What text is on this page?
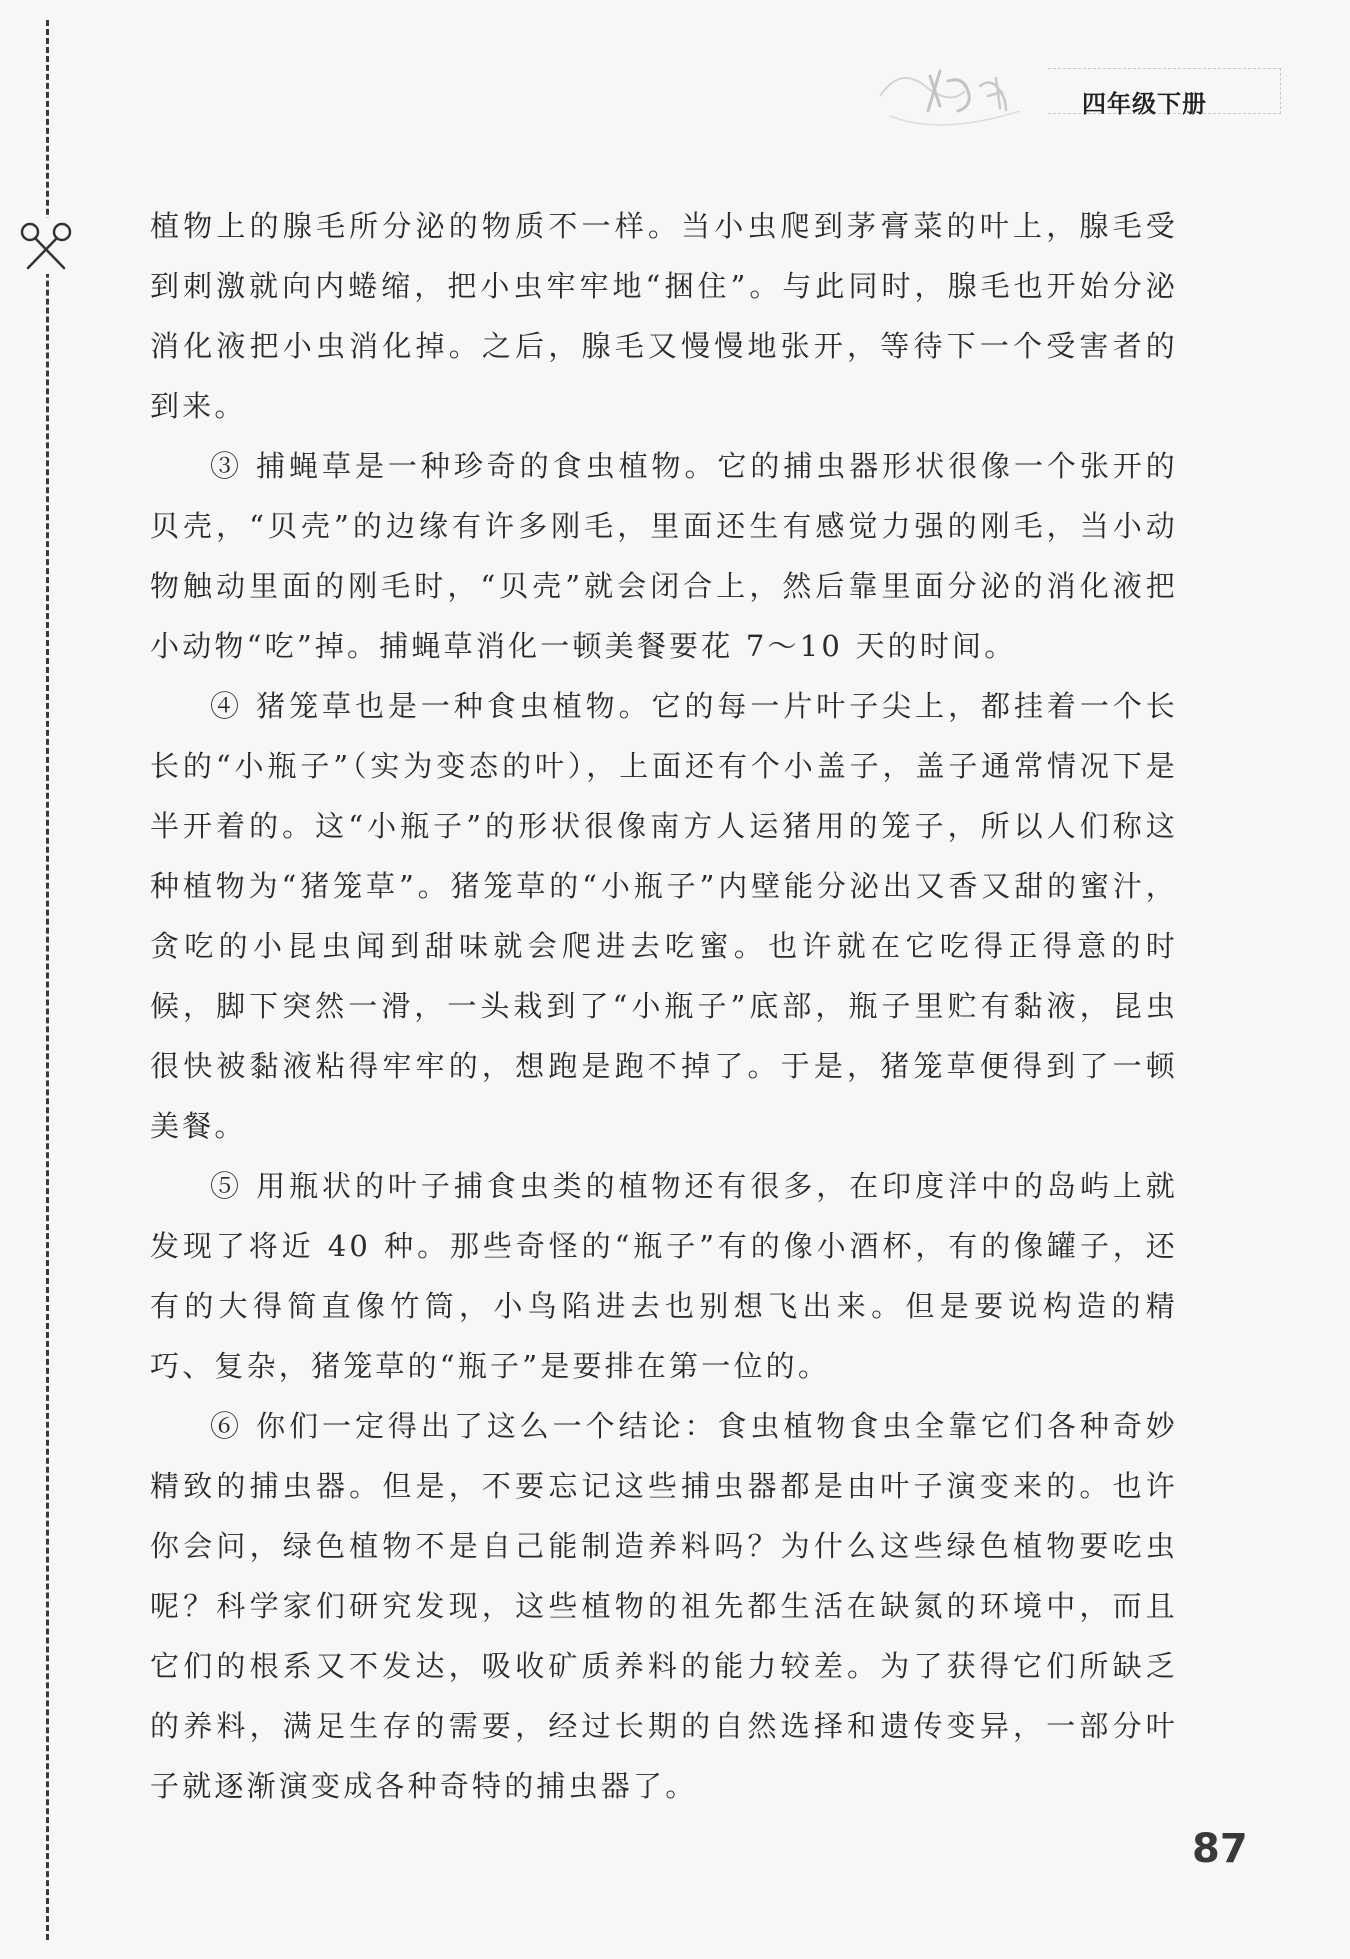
四年级下册

植物上的腺毛所分泌的物质不一样。当小虫爬到茅膏菜的叶上，腺毛受到刺激就向内蜷缩，把小虫牢牢地“捆住”。与此同时，腺毛也开始分泌消化液把小虫消化掉。之后，腺毛又慢慢地张开，等待下一个受害者的到来。

③ 捕蝇草是一种珍奇的食虫植物。它的捕虫器形状很像一个张开的贝壳，“贝壳”的边缘有许多刚毛，里面还生有感觉力强的刚毛，当小动物触动里面的刚毛时，“贝壳”就会闭合上，然后靠里面分泌的消化液把小动物“吃”掉。捕蝇草消化一顿美餐要花 7～10 天的时间。

④ 猪笼草也是一种食虫植物。它的每一片叶子尖上，都挂着一个长长的“小瓶子”（实为变态的叶），上面还有个小盖子，盖子通常情况下是半开着的。这“小瓶子”的形状很像南方人运猪用的笼子，所以人们称这种植物为“猪笼草”。猪笼草的“小瓶子”内壁能分泌出又香又甜的蜜汁，贪吃的小昆虫闻到甜味就会爬进去吃蜜。也许就在它吃得正得意的时候，脚下突然一滑，一头栽到了“小瓶子”底部，瓶子里贮有黏液，昆虫很快被黏液粘得牢牢的，想跑是跑不掉了。于是，猪笼草便得到了一顿美餐。

⑤ 用瓶状的叶子捕食虫类的植物还有很多，在印度洋中的岛屿上就发现了将近 40 种。那些奇怪的“瓶子”有的像小酒杯，有的像罐子，还有的大得简直像竹筒，小鸟陷进去也别想飞出来。但是要说构造的精巧、复杂，猪笼草的“瓶子”是要排在第一位的。

⑥ 你们一定得出了这么一个结论：食虫植物食虫全靠它们各种奇妙精致的捕虫器。但是，不要忘记这些捕虫器都是由叶子演变来的。也许你会问，绿色植物不是自己能制造养料吗？为什么这些绿色植物要吃虫呢？科学家们研究发现，这些植物的祖先都生活在缺氮的环境中，而且它们的根系又不发达，吸收矿质养料的能力较差。为了获得它们所缺乏的养料，满足生存的需要，经过长期的自然选择和遗传变异，一部分叶子就逐渐演变成各种奇特的捕虫器了。

87
